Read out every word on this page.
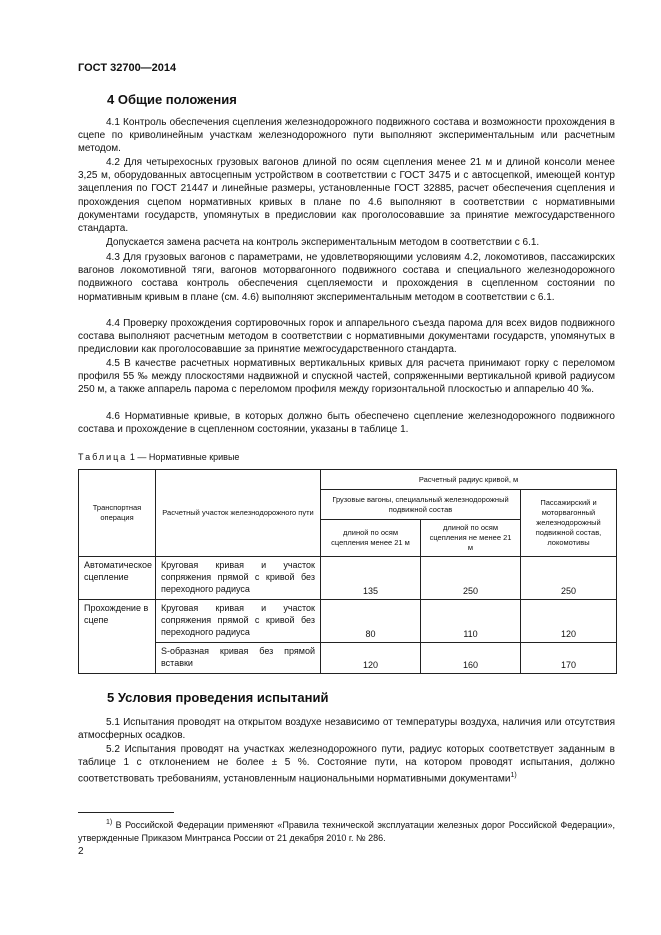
ГОСТ 32700—2014
4 Общие положения

4.1 Контроль обеспечения сцепления железнодорожного подвижного состава и возможности прохождения в сцепе по криволинейным участкам железнодорожного пути выполняют экспериментальным или расчетным методом.

4.2 Для четырехосных грузовых вагонов длиной по осям сцепления менее 21 м и длиной консоли менее 3,25 м, оборудованных автосцепным устройством в соответствии с ГОСТ 3475 и с автосцепкой, имеющей контур зацепления по ГОСТ 21447 и линейные размеры, установленные ГОСТ 32885, расчет обеспечения сцепления и прохождения сцепом нормативных кривых в плане по 4.6 выполняют в соответствии с нормативными документами государств, упомянутых в предисловии как проголосовавшие за принятие межгосударственного стандарта.

Допускается замена расчета на контроль экспериментальным методом в соответствии с 6.1.

4.3 Для грузовых вагонов с параметрами, не удовлетворяющими условиям 4.2, локомотивов, пассажирских вагонов локомотивной тяги, вагонов моторвагонного подвижного состава и специального железнодорожного подвижного состава контроль обеспечения сцепляемости и прохождения в сцепленном состоянии по нормативным кривым в плане (см. 4.6) выполняют экспериментальным методом в соответствии с 6.1.

4.4 Проверку прохождения сортировочных горок и аппарельного съезда парома для всех видов подвижного состава выполняют расчетным методом в соответствии с нормативными документами государств, упомянутых в предисловии как проголосовавшие за принятие межгосударственного стандарта.

4.5 В качестве расчетных нормативных вертикальных кривых для расчета принимают горку с переломом профиля 55 ‰ между плоскостями надвижной и спускной частей, сопряженными вертикальной кривой радиусом 250 м, а также аппарель парома с переломом профиля между горизонтальной плоскостью и аппарелью 40 ‰.

4.6 Нормативные кривые, в которых должно быть обеспечено сцепление железнодорожного подвижного состава и прохождение в сцепленном состоянии, указаны в таблице 1.

Таблица 1 — Нормативные кривые
Транспортная операция	Расчетный участок железнодорожного пути	Расчетный радиус кривой, м		
		Грузовые вагоны, специальный железнодорожный подвижной состав		Пассажирский и моторвагонный железнодорожный подвижной состав, локомотивы
		длиной по осям сцепления менее 21 м	длиной по осям сцепления не менее 21 м	
Автоматическое сцепление	Круговая кривая и участок сопряжения прямой с кривой без переходного радиуса	135	250	250
Прохождение в сцепе	Круговая кривая и участок сопряжения прямой с кривой без переходного радиуса	80	110	120
	S-образная кривая без прямой вставки	120	160	170
5 Условия проведения испытаний

5.1 Испытания проводят на открытом воздухе независимо от температуры воздуха, наличия или отсутствия атмосферных осадков.

5.2 Испытания проводят на участках железнодорожного пути, радиус которых соответствует заданным в таблице 1 с отклонением не более ± 5 %. Состояние пути, на котором проводят испытания, должно соответствовать требованиям, установленным национальными нормативными документами$^{1)}$

$^{1)}$ В Российской Федерации применяют «Правила технической эксплуатации железных дорог Российской Федерации», утвержденные Приказом Минтранса России от 21 декабря 2010 г. № 286.

2
